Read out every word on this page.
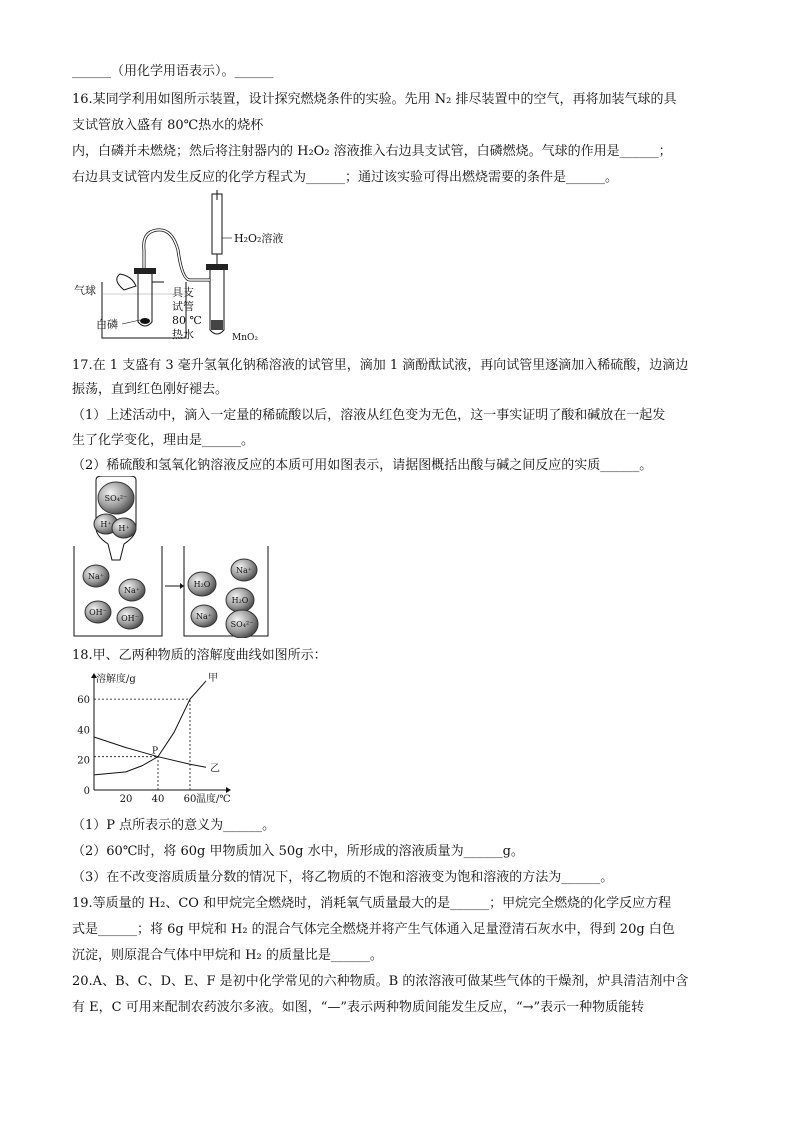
______（用化学用语表示）。______
16.某同学利用如图所示装置，设计探究燃烧条件的实验。先用 N₂ 排尽装置中的空气，再将加装气球的具
支试管放入盛有 80℃热水的烧杯
内，白磷并未燃烧；然后将注射器内的 H₂O₂ 溶液推入右边具支试管，白磷燃烧。气球的作用是______；
右边具支试管内发生反应的化学方程式为______；通过该实验可得出燃烧需要的条件是______。
H₂O₂溶液
MnO₂
气球
白磷
具支
试管
80 ℃
热水
17.在 1 支盛有 3 毫升氢氧化钠稀溶液的试管里，滴加 1 滴酚酞试液，再向试管里逐滴加入稀硫酸，边滴边
振荡，直到红色刚好褪去。
（1）上述活动中，滴入一定量的稀硫酸以后，溶液从红色变为无色，这一事实证明了酸和碱放在一起发
生了化学变化，理由是______。
（2）稀硫酸和氢氧化钠溶液反应的本质可用如图表示，请据图概括出酸与碱之间反应的实质______。
SO₄²⁻
H⁺ H⁺
Na⁺
Na⁺
OH⁻
OH⁻
H₂O
Na⁺
H₂O
Na⁺
SO₄²⁻
18.甲、乙两种物质的溶解度曲线如图所示：
甲
乙
P
0
20
40
60
20 40 60
溶解度/g
温度/℃
（1）P 点所表示的意义为______。
（2）60℃时，将 60g 甲物质加入 50g 水中，所形成的溶液质量为______g。
（3）在不改变溶质质量分数的情况下，将乙物质的不饱和溶液变为饱和溶液的方法为______。
19.等质量的 H₂、CO 和甲烷完全燃烧时，消耗氧气质量最大的是______；甲烷完全燃烧的化学反应方程
式是______；将 6g 甲烷和 H₂ 的混合气体完全燃烧并将产生气体通入足量澄清石灰水中，得到 20g 白色
沉淀，则原混合气体中甲烷和 H₂ 的质量比是______。
20.A、B、C、D、E、F 是初中化学常见的六种物质。B 的浓溶液可做某些气体的干燥剂，炉具清洁剂中含
有 E，C 可用来配制农药波尔多液。如图，“—”表示两种物质间能发生反应，“→”表示一种物质能转
